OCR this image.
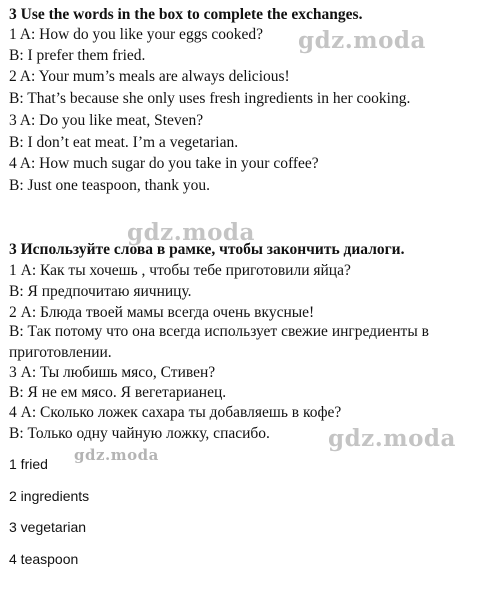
3 Use the words in the box to complete the exchanges.
1 A: How do you like your eggs cooked?
B: I prefer them fried.
2 A: Your mum’s meals are always delicious!
B: That’s because she only uses fresh ingredients in her cooking.
3 A: Do you like meat, Steven?
B: I don’t eat meat. I’m a vegetarian.
4 A: How much sugar do you take in your coffee?
B: Just one teaspoon, thank you.
3 Используйте слова в рамке, чтобы закончить диалоги.
1 А: Как ты хочешь , чтобы тебе приготовили яйца?
В: Я предпочитаю яичницу.
2 А: Блюда твоей мамы всегда очень вкусные!
В: Так потому что она всегда использует свежие ингредиенты в
приготовлении.
3 А: Ты любишь мясо, Стивен?
В: Я не ем мясо. Я вегетарианец.
4 А: Сколько ложек сахара ты добавляешь в кофе?
В: Только одну чайную ложку, спасибо.
1 fried
2 ingredients
3 vegetarian
4 teaspoon
gdz.moda
gdz.moda
gdz.moda
gdz.moda
